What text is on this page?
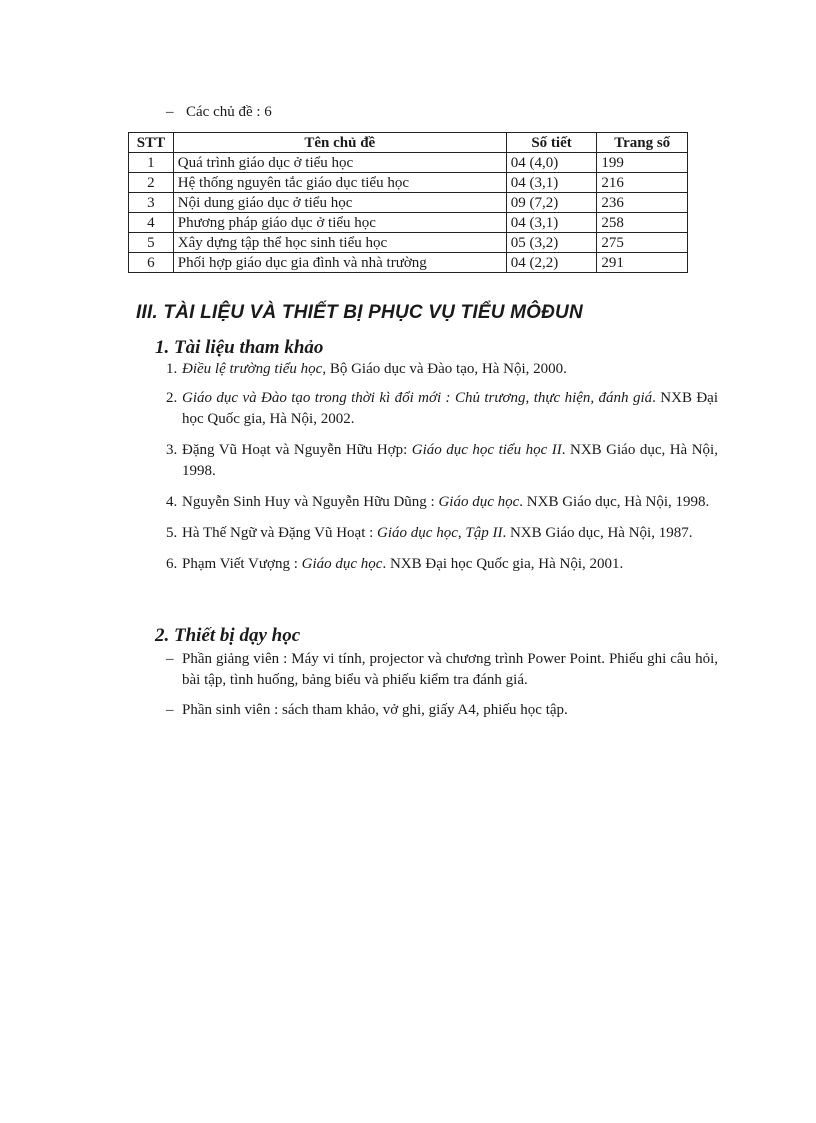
– Các chủ đề : 6
STT	Tên chủ đề	Số tiết	Trang số
1	Quá trình giáo dục ở tiểu học	04 (4,0)	199
2	Hệ thống nguyên tắc giáo dục tiểu học	04 (3,1)	216
3	Nội dung giáo dục ở tiểu học	09 (7,2)	236
4	Phương pháp giáo dục ở tiểu học	04 (3,1)	258
5	Xây dựng tập thể học sinh tiểu học	05 (3,2)	275
6	Phối hợp giáo dục gia đình và nhà trường	04 (2,2)	291
III. TÀI LIỆU VÀ THIẾT BỊ PHỤC VỤ TIỂU MÔĐUN
1. Tài liệu tham khảo
1. Điều lệ trường tiểu học, Bộ Giáo dục và Đào tạo, Hà Nội, 2000.
2. Giáo dục và Đào tạo trong thời kì đổi mới : Chủ trương, thực hiện, đánh giá. NXB Đại học Quốc gia, Hà Nội, 2002.
3. Đặng Vũ Hoạt và Nguyễn Hữu Hợp: Giáo dục học tiểu học II. NXB Giáo dục, Hà Nội, 1998.
4. Nguyễn Sinh Huy và Nguyễn Hữu Dũng : Giáo dục học. NXB Giáo dục, Hà Nội, 1998.
5. Hà Thế Ngữ và Đặng Vũ Hoạt : Giáo dục học, Tập II. NXB Giáo dục, Hà Nội, 1987.
6. Phạm Viết Vượng : Giáo dục học. NXB Đại học Quốc gia, Hà Nội, 2001.
2. Thiết bị dạy học
– Phần giảng viên : Máy vi tính, projector và chương trình Power Point. Phiếu ghi câu hỏi, bài tập, tình huống, bảng biểu và phiếu kiểm tra đánh giá.
– Phần sinh viên : sách tham khảo, vở ghi, giấy A4, phiếu học tập.
